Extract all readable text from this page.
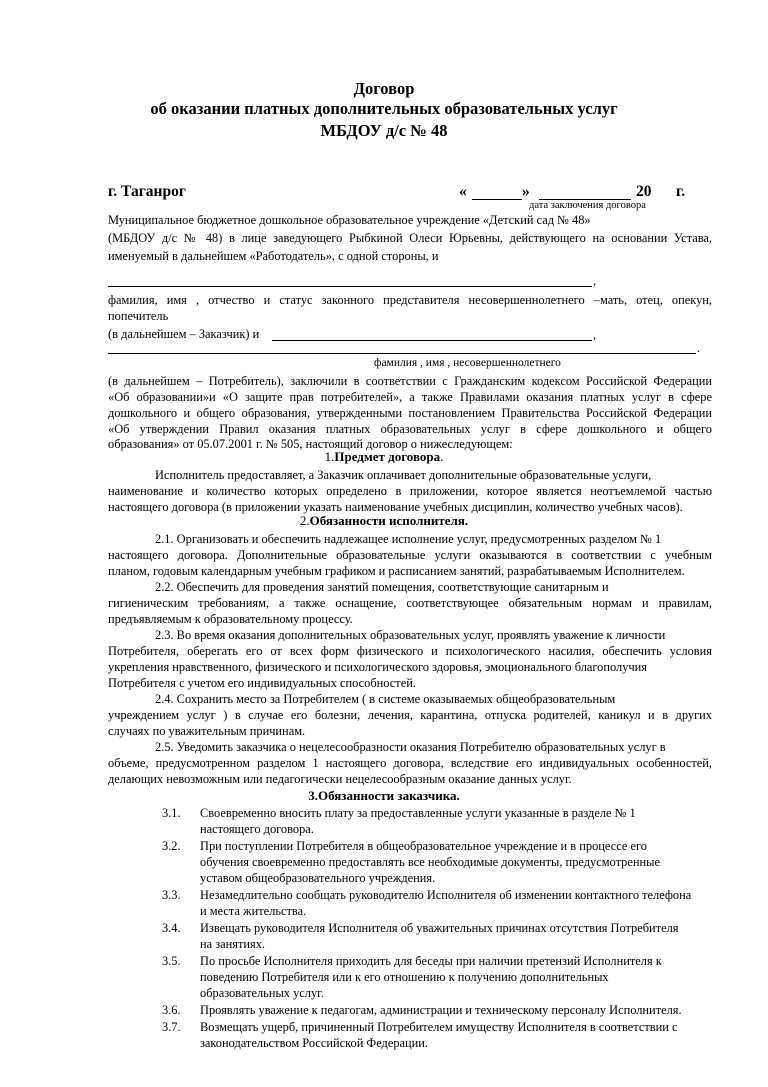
Договор
об оказании платных дополнительных образовательных услуг
МБДОУ д/с № 48
г. Таганрог	«	»	20 г.
дата заключения договора
Муниципальное бюджетное дошкольное образовательное учреждение «Детский сад № 48»
(МБДОУ д/с № 48) в лице заведующего Рыбкиной Олеси Юрьевны, действующего на основании Устава,
именуемый в дальнейшем «Работодатель», с одной стороны, и
,
фамилия, имя , отчество и статус законного представителя несовершеннолетнего –мать, отец, опекун,
попечитель
(в дальнейшем – Заказчик) и	,
.
фамилия , имя , несовершеннолетнего
(в дальнейшем – Потребитель), заключили в соответствии с Гражданским кодексом Российской Федерации
«Об образовании»и «О защите прав потребителей», а также Правилами оказания платных услуг в сфере
дошкольного и общего образования, утвержденными постановлением Правительства Российской Федерации
«Об утверждении Правил оказания платных образовательных услуг в сфере дошкольного и общего
образования» от 05.07.2001 г. № 505, настоящий договор о нижеследующем:
1.Предмет договора.
Исполнитель предоставляет, а Заказчик оплачивает дополнительные образовательные услуги,
наименование и количество которых определено в приложении, которое является неотъемлемой частью
настоящего договора (в приложении указать наименование учебных дисциплин, количество учебных часов).
2.Обязанности исполнителя.
2.1. Организовать и обеспечить надлежащее исполнение услуг, предусмотренных разделом № 1
настоящего договора. Дополнительные образовательные услуги оказываются в соответствии с учебным
планом, годовым календарным учебным графиком и расписанием занятий, разрабатываемым Исполнителем.
2.2. Обеспечить для проведения занятий помещения, соответствующие санитарным и
гигиеническим требованиям, а также оснащение, соответствующее обязательным нормам и правилам,
предъявляемым к образовательному процессу.
2.3. Во время оказания дополнительных образовательных услуг, проявлять уважение к личности
Потребителя, оберегать его от всех форм физического и психологического насилия, обеспечить условия
укрепления нравственного, физического и психологического здоровья, эмоционального благополучия
Потребителя с учетом его индивидуальных способностей.
2.4. Сохранить место за Потребителем ( в системе оказываемых общеобразовательным
учреждением услуг ) в случае его болезни, лечения, карантина, отпуска родителей, каникул и в других
случаях по уважительным причинам.
2.5. Уведомить заказчика о нецелесообразности оказания Потребителю образовательных услуг в
объеме, предусмотренном разделом 1 настоящего договора, вследствие его индивидуальных особенностей,
делающих невозможным или педагогически нецелесообразным оказание данных услуг.
3.Обязанности заказчика.
3.1. Своевременно вносить плату за предоставленные услуги указанные в разделе № 1
настоящего договора.
3.2. При поступлении Потребителя в общеобразовательное учреждение и в процессе его
обучения своевременно предоставлять все необходимые документы, предусмотренные
уставом общеобразовательного учреждения.
3.3. Незамедлительно сообщать руководителю Исполнителя об изменении контактного телефона
и места жительства.
3.4. Извещать руководителя Исполнителя об уважительных причинах отсутствия Потребителя
на занятиях.
3.5. По просьбе Исполнителя приходить для беседы при наличии претензий Исполнителя к
поведению Потребителя или к его отношению к получению дополнительных
образовательных услуг.
3.6. Проявлять уважение к педагогам, администрации и техническому персоналу Исполнителя.
3.7. Возмещать ущерб, причиненный Потребителем имуществу Исполнителя в соответствии с
законодательством Российской Федерации.
